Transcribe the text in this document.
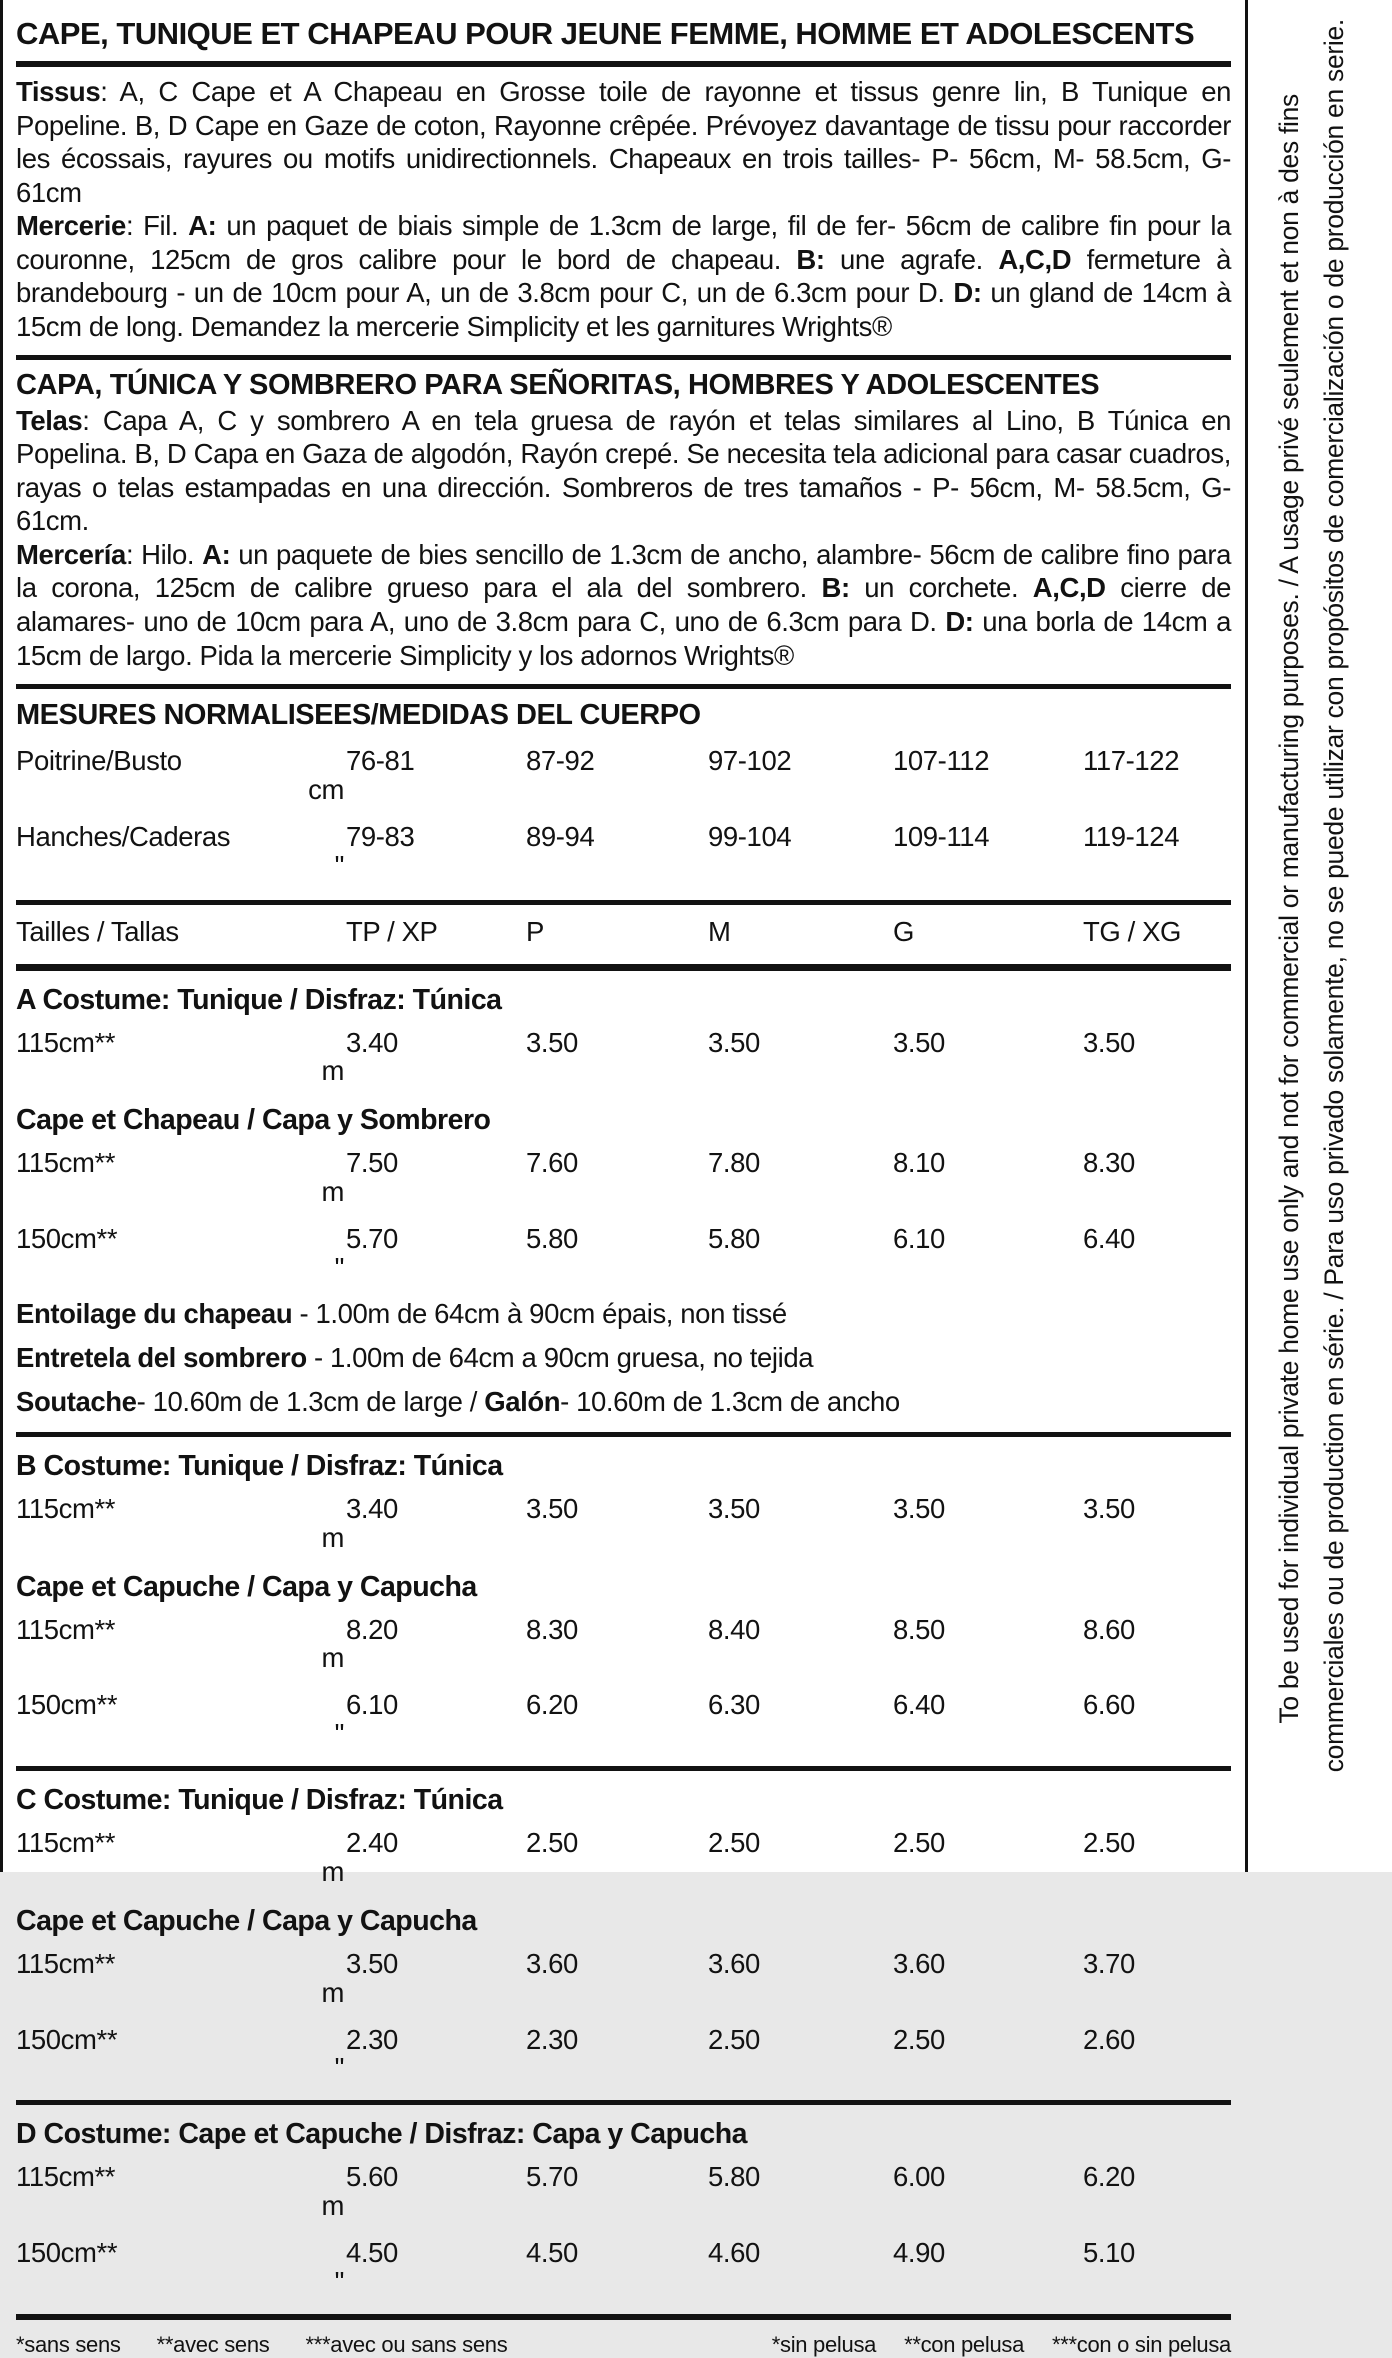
CAPE, TUNIQUE ET CHAPEAU POUR JEUNE FEMME, HOMME ET ADOLESCENTS

Tissus: A, C Cape et A Chapeau en Grosse toile de rayonne et tissus genre lin, B Tunique en Popeline. B, D Cape en Gaze de coton, Rayonne crêpée. Prévoyez davantage de tissu pour raccorder les écossais, rayures ou motifs unidirectionnels. Chapeaux en trois tailles- P- 56cm, M- 58.5cm, G-61cm

Mercerie: Fil. A: un paquet de biais simple de 1.3cm de large, fil de fer- 56cm de calibre fin pour la couronne, 125cm de gros calibre pour le bord de chapeau. B: une agrafe. A,C,D fermeture à brandebourg - un de 10cm pour A, un de 3.8cm pour C, un de 6.3cm pour D. D: un gland de 14cm à 15cm de long. Demandez la mercerie Simplicity et les garnitures Wrights®

CAPA, TÚNICA Y SOMBRERO PARA SEÑORITAS, HOMBRES Y ADOLESCENTES

Telas: Capa A, C y sombrero A en tela gruesa de rayón et telas similares al Lino, B Túnica en Popelina. B, D Capa en Gaza de algodón, Rayón crepé. Se necesita tela adicional para casar cuadros, rayas o telas estampadas en una dirección. Sombreros de tres tamaños - P- 56cm, M- 58.5cm, G-61cm.

Mercería: Hilo. A: un paquete de bies sencillo de 1.3cm de ancho, alambre- 56cm de calibre fino para la corona, 125cm de calibre grueso para el ala del sombrero. B: un corchete. A,C,D cierre de alamares- uno de 10cm para A, uno de 3.8cm para C, uno de 6.3cm para D. D: una borla de 14cm a 15cm de largo. Pida la mercerie Simplicity y los adornos Wrights®

MESURES NORMALISEES/MEDIDAS DEL CUERPO
Poitrine/Busto	76-81	87-92	97-102	107-112	117-122
cm
Hanches/Caderas	79-83	89-94	99-104	109-114	119-124
"
Tailles / Tallas	TP / XP	P	M	G	TG / XG
A Costume: Tunique / Disfraz: Túnica
115cm**	3.40	3.50	3.50	3.50	3.50
m
Cape et Chapeau / Capa y Sombrero
115cm**	7.50	7.60	7.80	8.10	8.30
m
150cm**	5.70	5.80	5.80	6.10	6.40
"
Entoilage du chapeau - 1.00m de 64cm à 90cm épais, non tissé
Entretela del sombrero - 1.00m de 64cm a 90cm gruesa, no tejida
Soutache- 10.60m de 1.3cm de large / Galón- 10.60m de 1.3cm de ancho
B Costume: Tunique / Disfraz: Túnica
115cm**	3.40	3.50	3.50	3.50	3.50
m
Cape et Capuche / Capa y Capucha
115cm**	8.20	8.30	8.40	8.50	8.60
m
150cm**	6.10	6.20	6.30	6.40	6.60
"
C Costume: Tunique / Disfraz: Túnica
115cm**	2.40	2.50	2.50	2.50	2.50
m
Cape et Capuche / Capa y Capucha
115cm**	3.50	3.60	3.60	3.60	3.70
m
150cm**	2.30	2.30	2.50	2.50	2.60
"
D Costume: Cape et Capuche / Disfraz: Capa y Capucha
115cm**	5.60	5.70	5.80	6.00	6.20
m
150cm**	4.50	4.50	4.60	4.90	5.10
"
*sans sens **avec sens ***avec ou sans sens	*sin pelusa **con pelusa ***con o sin pelusa
To be used for individual private home use only and not for commercial or manufacturing purposes. / A usage privé seulement et non à des fins commerciales ou de production en série. / Para uso privado solamente, no se puede utilizar con propósitos de comercialización o de producción en serie.
